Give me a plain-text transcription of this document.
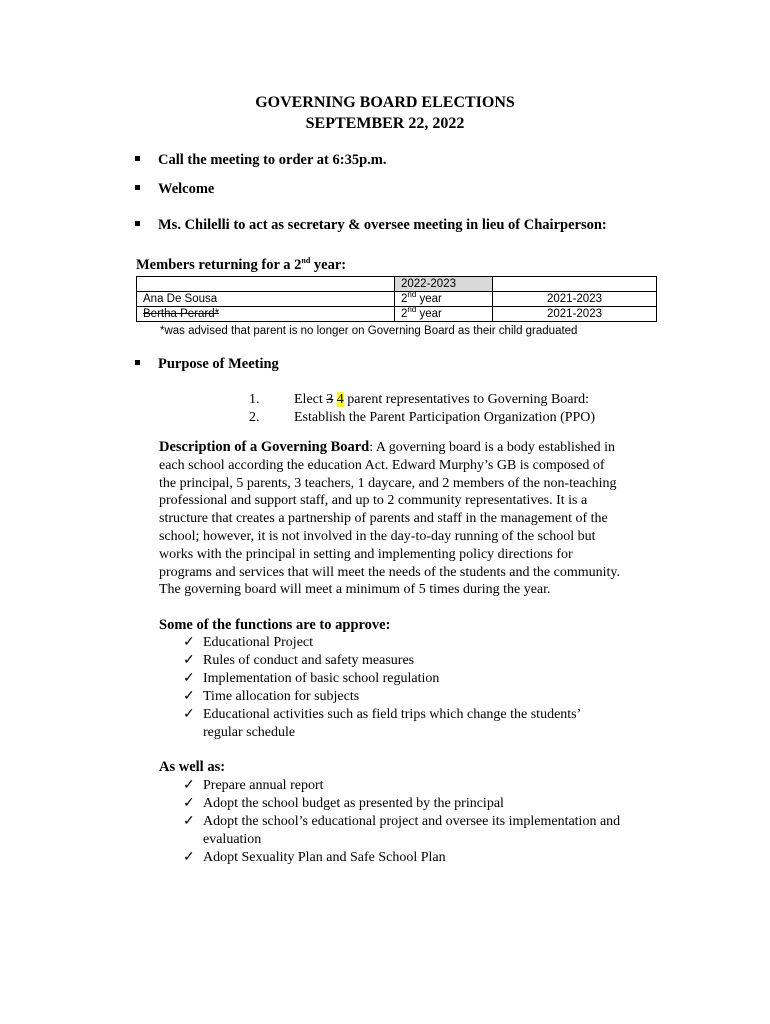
GOVERNING BOARD ELECTIONS
SEPTEMBER 22, 2022
Call the meeting to order at 6:35p.m.
Welcome
Ms. Chilelli to act as secretary & oversee meeting in lieu of Chairperson:
Members returning for a 2nd year:
	2022-2023	
Ana De Sousa	2nd year	2021-2023
Bertha Perard*	2nd year	2021-2023
*was advised that parent is no longer on Governing Board as their child graduated
Purpose of Meeting
1. Elect 3 4 parent representatives to Governing Board:
2. Establish the Parent Participation Organization (PPO)
Description of a Governing Board: A governing board is a body established in
each school according the education Act. Edward Murphy’s GB is composed of
the principal, 5 parents, 3 teachers, 1 daycare, and 2 members of the non-teaching
professional and support staff, and up to 2 community representatives. It is a
structure that creates a partnership of parents and staff in the management of the
school; however, it is not involved in the day-to-day running of the school but
works with the principal in setting and implementing policy directions for
programs and services that will meet the needs of the students and the community.
The governing board will meet a minimum of 5 times during the year.
Some of the functions are to approve:
✓ Educational Project
✓ Rules of conduct and safety measures
✓ Implementation of basic school regulation
✓ Time allocation for subjects
✓ Educational activities such as field trips which change the students’ regular schedule
As well as:
✓ Prepare annual report
✓ Adopt the school budget as presented by the principal
✓ Adopt the school’s educational project and oversee its implementation and evaluation
✓ Adopt Sexuality Plan and Safe School Plan
